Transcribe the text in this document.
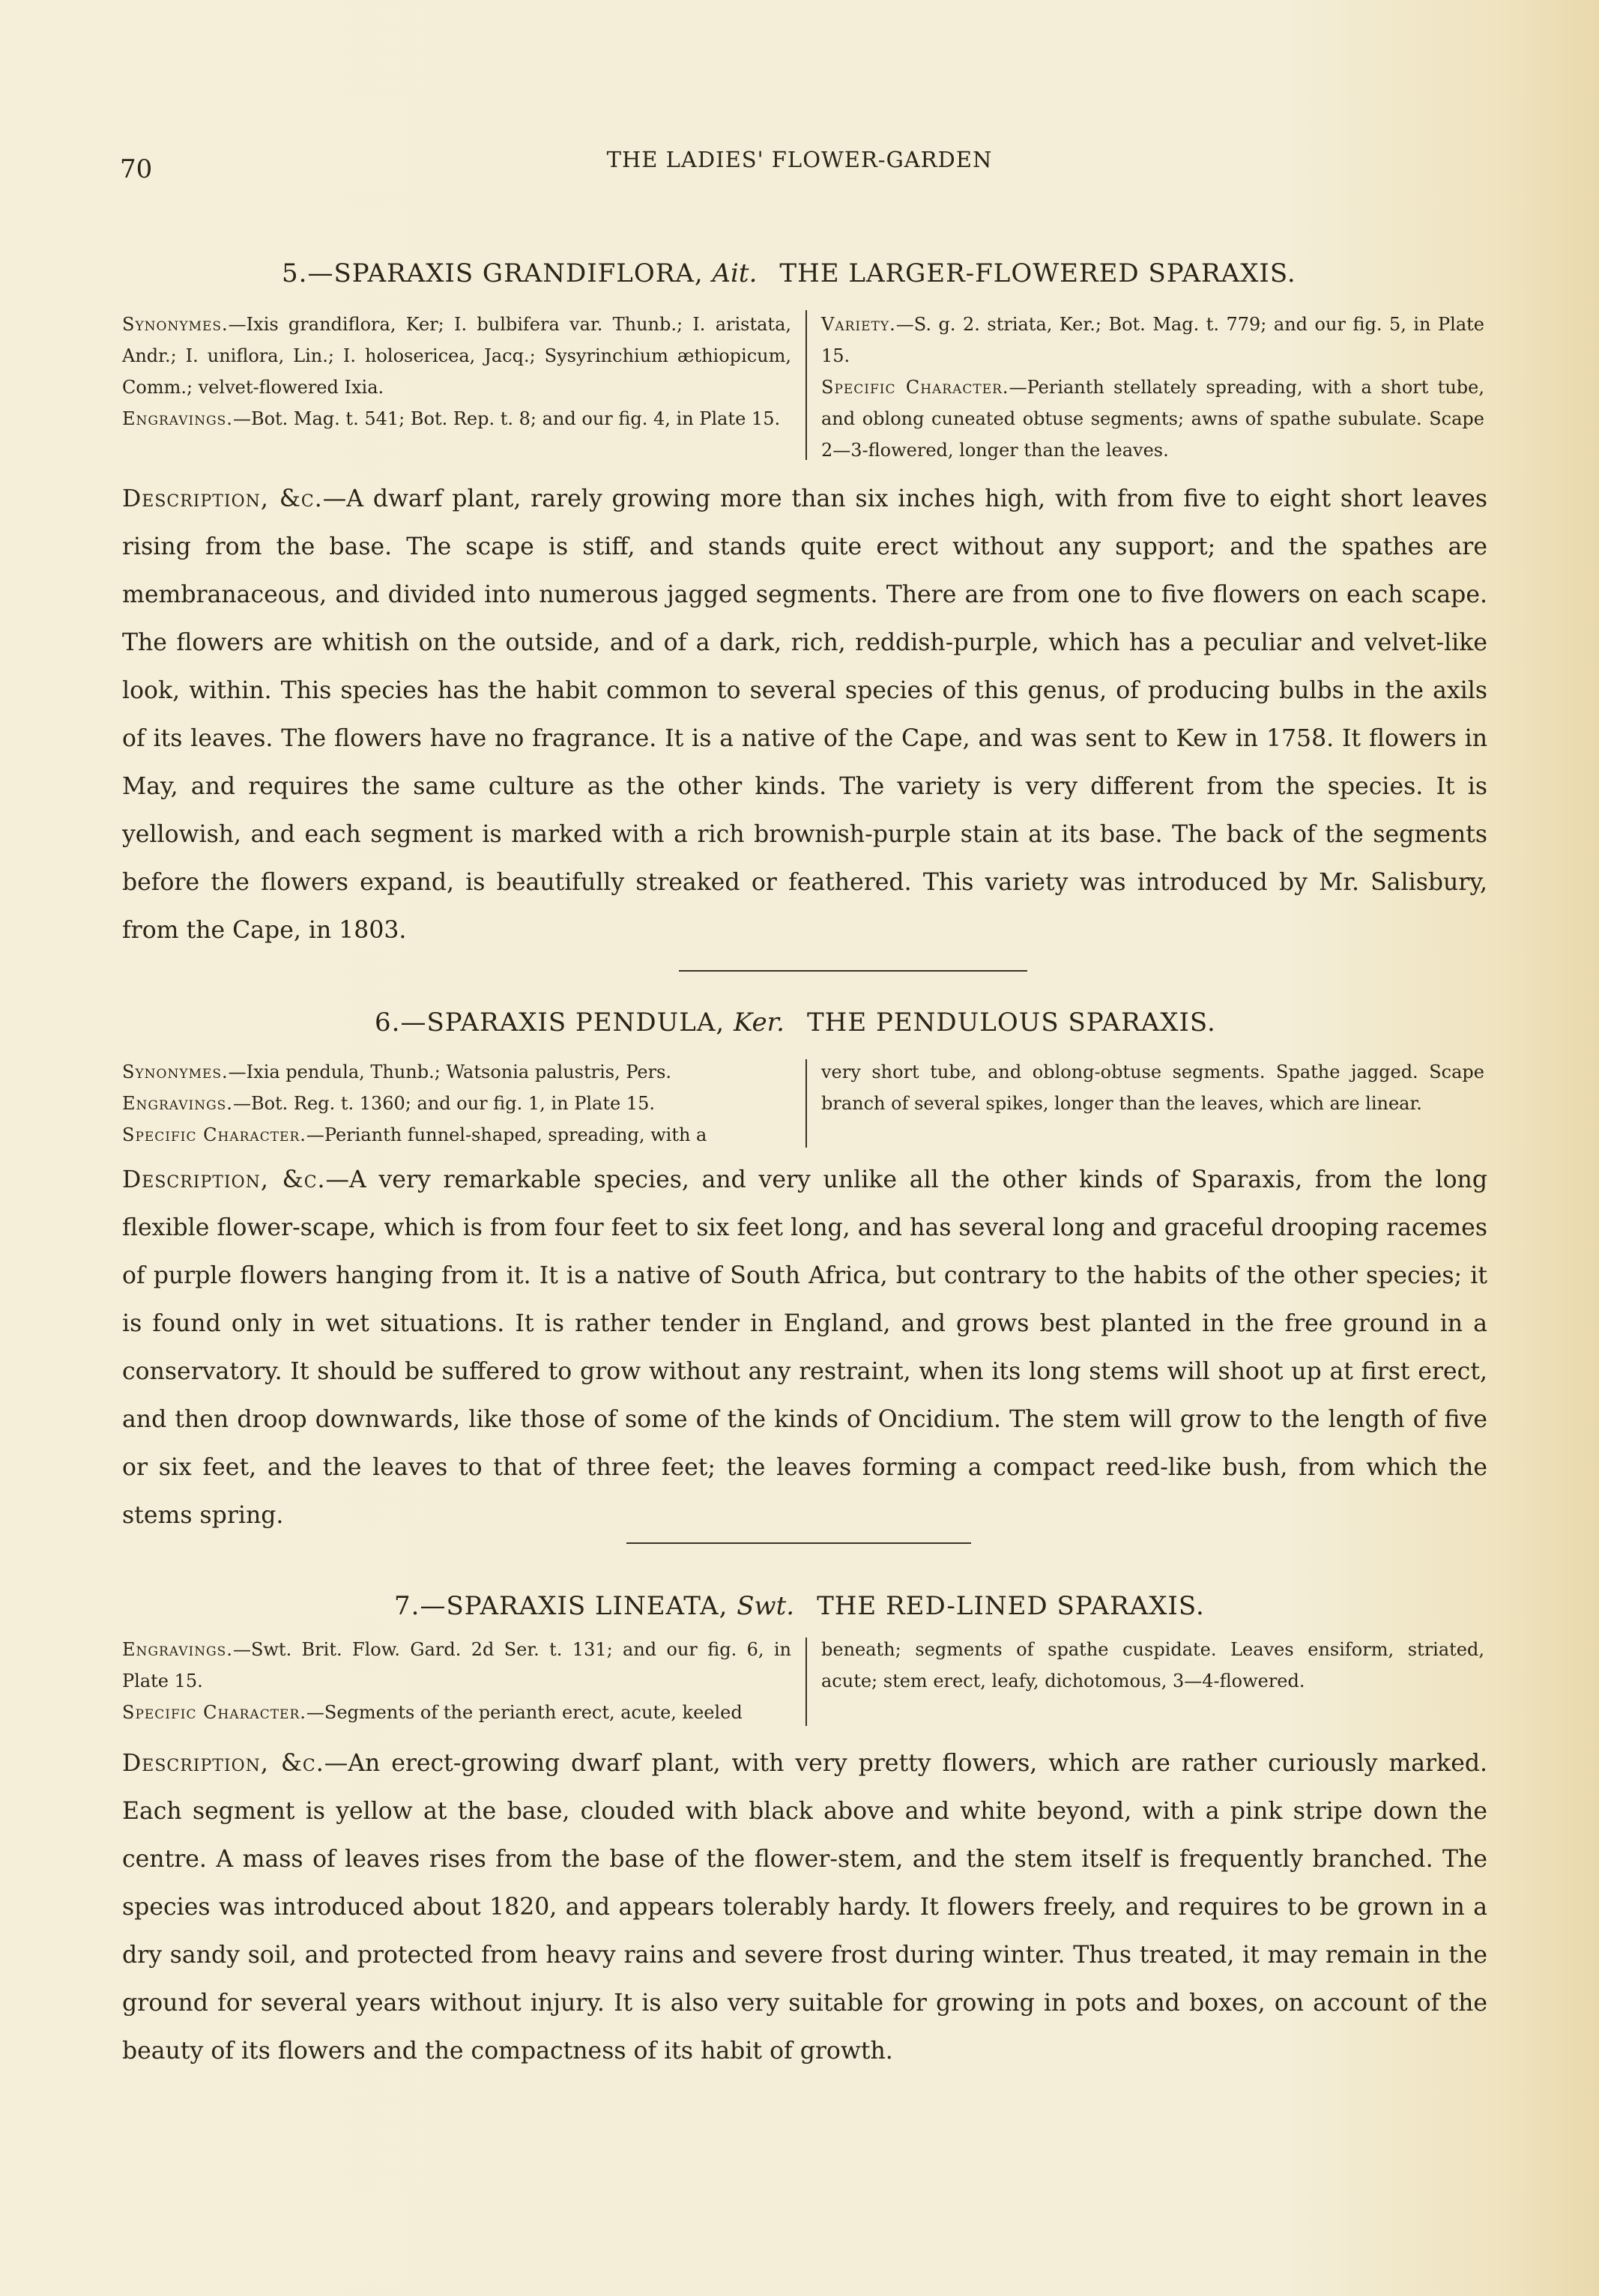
70	THE LADIES' FLOWER-GARDEN
5.—SPARAXIS GRANDIFLORA, Ait. THE LARGER-FLOWERED SPARAXIS.
Synonymes.—Ixis grandiflora, Ker; I. bulbifera var. Thunb.; I. aristata, Andr.; I. uniflora, Lin.; I. holosericea, Jacq.; Sysyrinchium æthiopicum, Comm.; velvet-flowered Ixia.
Engravings.—Bot. Mag. t. 541; Bot. Rep. t. 8; and our fig. 4, in Plate 15.
Variety.—S. g. 2. striata, Ker.; Bot. Mag. t. 779; and our fig. 5, in Plate 15.
Specific Character.—Perianth stellately spreading, with a short tube, and oblong cuneated obtuse segments; awns of spathe subulate. Scape 2—3-flowered, longer than the leaves.

Description, &c.—A dwarf plant, rarely growing more than six inches high, with from five to eight short leaves rising from the base. The scape is stiff, and stands quite erect without any support; and the spathes are membranaceous, and divided into numerous jagged segments. There are from one to five flowers on each scape. The flowers are whitish on the outside, and of a dark, rich, reddish-purple, which has a peculiar and velvet-like look, within. This species has the habit common to several species of this genus, of producing bulbs in the axils of its leaves. The flowers have no fragrance. It is a native of the Cape, and was sent to Kew in 1758. It flowers in May, and requires the same culture as the other kinds. The variety is very different from the species. It is yellowish, and each segment is marked with a rich brownish-purple stain at its base. The back of the segments before the flowers expand, is beautifully streaked or feathered. This variety was introduced by Mr. Salisbury, from the Cape, in 1803.

6.—SPARAXIS PENDULA, Ker. THE PENDULOUS SPARAXIS.
Synonymes.—Ixia pendula, Thunb.; Watsonia palustris, Pers.
Engravings.—Bot. Reg. t. 1360; and our fig. 1, in Plate 15.
Specific Character.—Perianth funnel-shaped, spreading, with a
very short tube, and oblong-obtuse segments. Spathe jagged. Scape branch of several spikes, longer than the leaves, which are linear.

Description, &c.—A very remarkable species, and very unlike all the other kinds of Sparaxis, from the long flexible flower-scape, which is from four feet to six feet long, and has several long and graceful drooping racemes of purple flowers hanging from it. It is a native of South Africa, but contrary to the habits of the other species; it is found only in wet situations. It is rather tender in England, and grows best planted in the free ground in a conservatory. It should be suffered to grow without any restraint, when its long stems will shoot up at first erect, and then droop downwards, like those of some of the kinds of Oncidium. The stem will grow to the length of five or six feet, and the leaves to that of three feet; the leaves forming a compact reed-like bush, from which the stems spring.

7.—SPARAXIS LINEATA, Swt. THE RED-LINED SPARAXIS.
Engravings.—Swt. Brit. Flow. Gard. 2d Ser. t. 131; and our fig. 6, in Plate 15.
Specific Character.—Segments of the perianth erect, acute, keeled
beneath; segments of spathe cuspidate. Leaves ensiform, striated, acute; stem erect, leafy, dichotomous, 3—4-flowered.

Description, &c.—An erect-growing dwarf plant, with very pretty flowers, which are rather curiously marked. Each segment is yellow at the base, clouded with black above and white beyond, with a pink stripe down the centre. A mass of leaves rises from the base of the flower-stem, and the stem itself is frequently branched. The species was introduced about 1820, and appears tolerably hardy. It flowers freely, and requires to be grown in a dry sandy soil, and protected from heavy rains and severe frost during winter. Thus treated, it may remain in the ground for several years without injury. It is also very suitable for growing in pots and boxes, on account of the beauty of its flowers and the compactness of its habit of growth.
